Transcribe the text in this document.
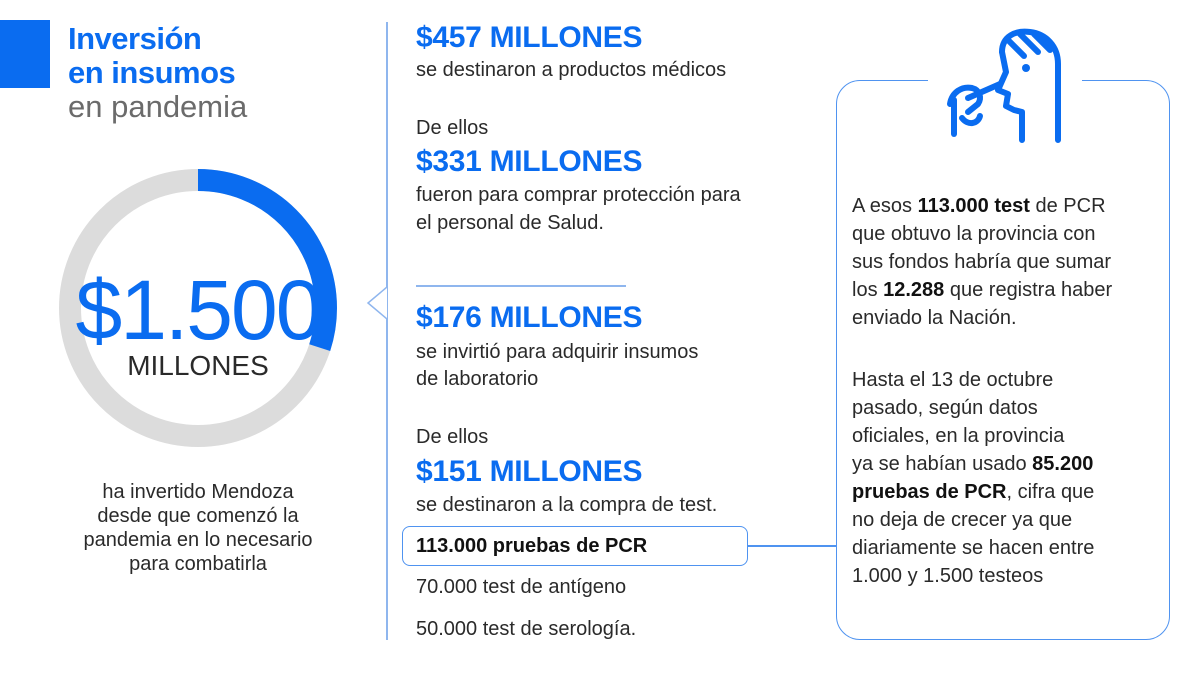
Inversión
en insumos
en pandemia
$1.500
MILLONES
ha invertido Mendoza
desde que comenzó la
pandemia en lo necesario
para combatirla
$457 MILLONES
se destinaron a productos médicos
De ellos
$331 MILLONES
fueron para comprar protección para
el personal de Salud.
$176 MILLONES
se invirtió para adquirir insumos
de laboratorio
De ellos
$151 MILLONES
se destinaron a la compra de test.
113.000 pruebas de PCR
70.000 test de antígeno
50.000 test de serología.
A esos 113.000 test de PCR
que obtuvo la provincia con
sus fondos habría que sumar
los 12.288 que registra haber
enviado la Nación.
Hasta el 13 de octubre
pasado, según datos
oficiales, en la provincia
ya se habían usado 85.200
pruebas de PCR, cifra que
no deja de crecer ya que
diariamente se hacen entre
1.000 y 1.500 testeos
